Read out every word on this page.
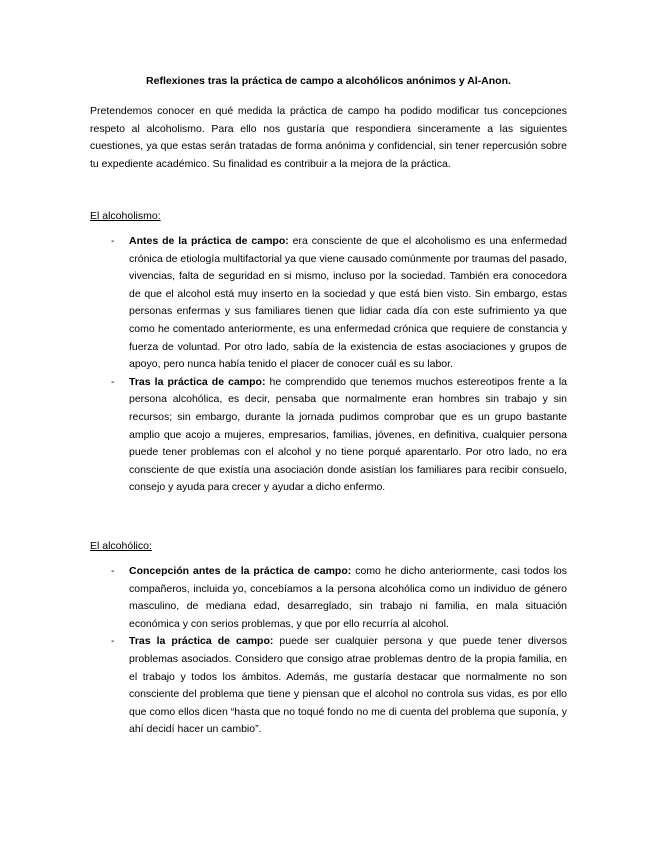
Reflexiones tras la práctica de campo a alcohólicos anónimos y Al-Anon.
Pretendemos conocer en qué medida la práctica de campo ha podido modificar tus concepciones respeto al alcoholismo. Para ello nos gustaría que respondiera sinceramente a las siguientes cuestiones, ya que estas serán tratadas de forma anónima y confidencial, sin tener repercusión sobre tu expediente académico. Su finalidad es contribuir a la mejora de la práctica.
El alcoholismo:
- Antes de la práctica de campo: era consciente de que el alcoholismo es una enfermedad crónica de etiología multifactorial ya que viene causado comúnmente por traumas del pasado, vivencias, falta de seguridad en si mismo, incluso por la sociedad. También era conocedora de que el alcohol está muy inserto en la sociedad y que está bien visto. Sin embargo, estas personas enfermas y sus familiares tienen que lidiar cada día con este sufrimiento ya que como he comentado anteriormente, es una enfermedad crónica que requiere de constancia y fuerza de voluntad. Por otro lado, sabía de la existencia de estas asociaciones y grupos de apoyo, pero nunca había tenido el placer de conocer cuál es su labor.
- Tras la práctica de campo: he comprendido que tenemos muchos estereotipos frente a la persona alcohólica, es decir, pensaba que normalmente eran hombres sin trabajo y sin recursos; sin embargo, durante la jornada pudimos comprobar que es un grupo bastante amplio que acojo a mujeres, empresarios, familias, jóvenes, en definitiva, cualquier persona puede tener problemas con el alcohol y no tiene porqué aparentarlo. Por otro lado, no era consciente de que existía una asociación donde asistían los familiares para recibir consuelo, consejo y ayuda para crecer y ayudar a dicho enfermo.
El alcohólico:
- Concepción antes de la práctica de campo: como he dicho anteriormente, casi todos los compañeros, incluida yo, concebíamos a la persona alcohólica como un individuo de género masculino, de mediana edad, desarreglado, sin trabajo ni familia, en mala situación económica y con serios problemas, y que por ello recurría al alcohol.
- Tras la práctica de campo: puede ser cualquier persona y que puede tener diversos problemas asociados. Considero que consigo atrae problemas dentro de la propia familia, en el trabajo y todos los ámbitos. Además, me gustaría destacar que normalmente no son consciente del problema que tiene y piensan que el alcohol no controla sus vidas, es por ello que como ellos dicen “hasta que no toqué fondo no me di cuenta del problema que suponía, y ahí decidí hacer un cambio”.
